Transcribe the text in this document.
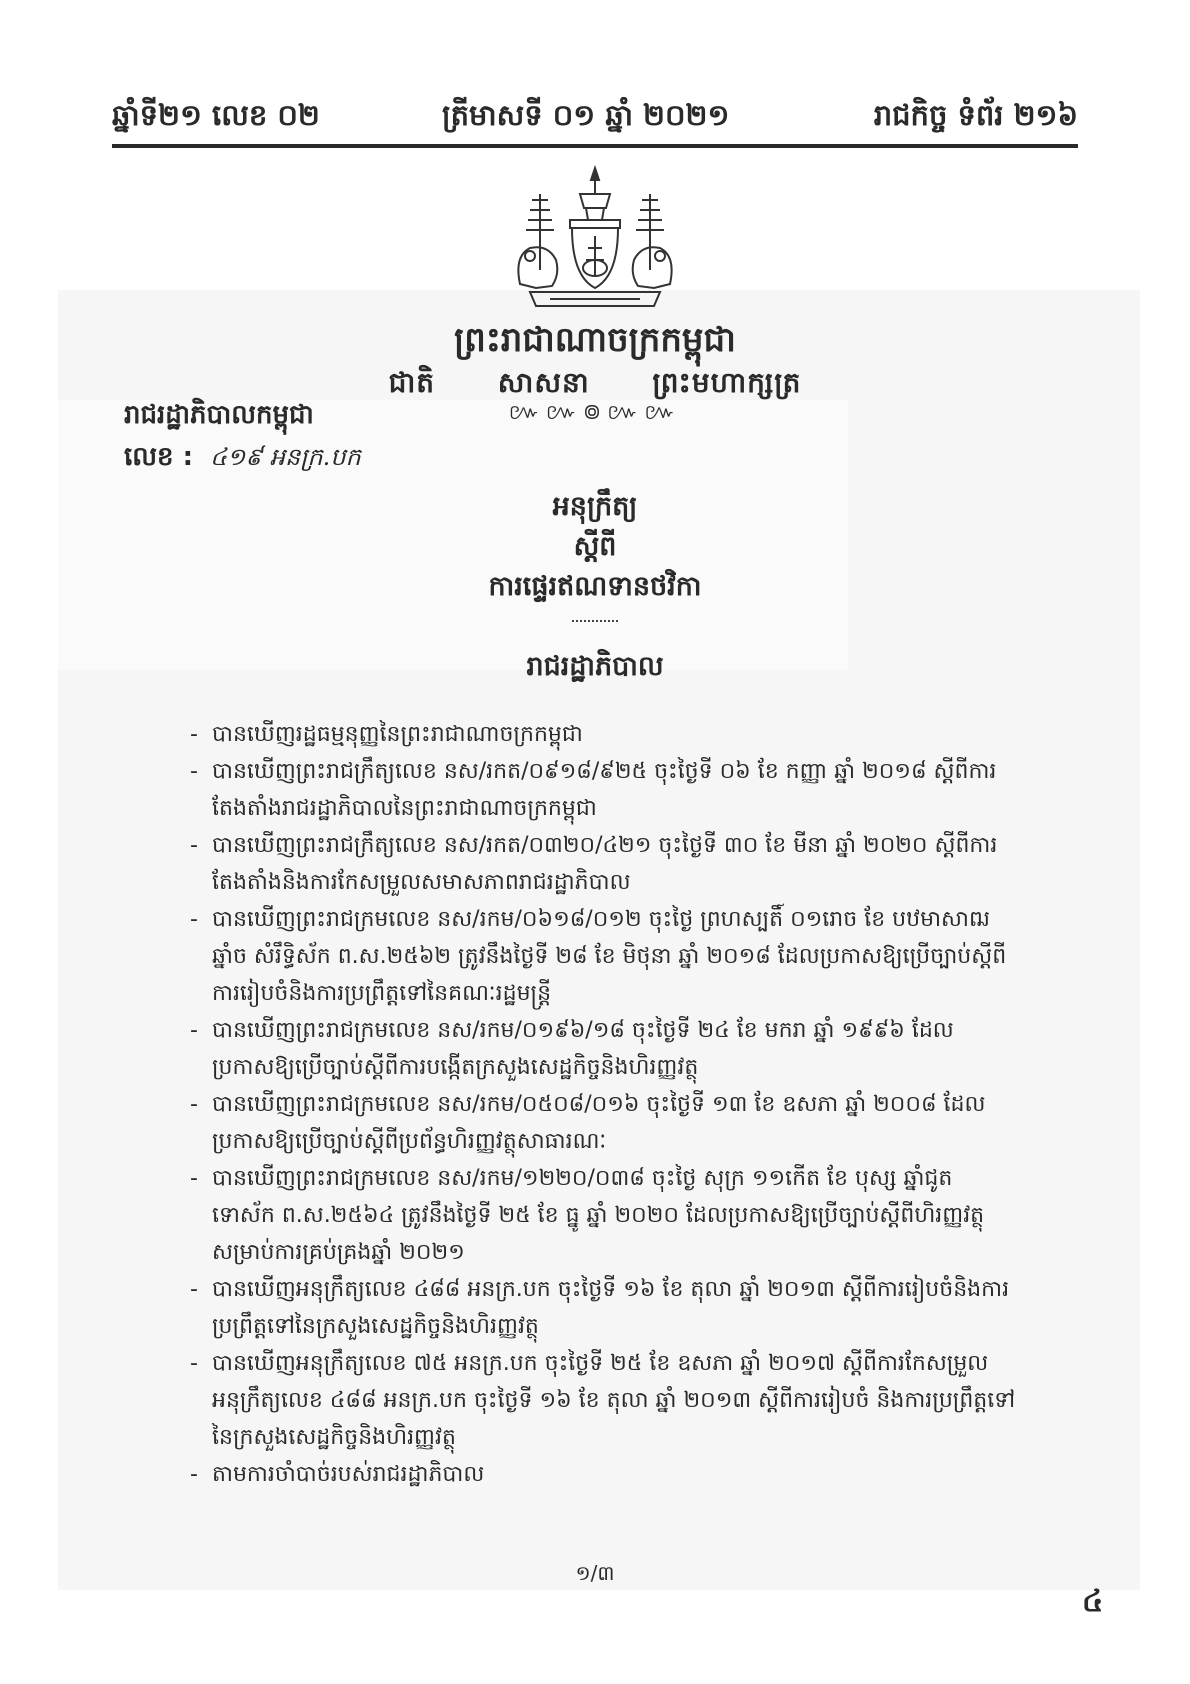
ឆ្នាំទី២១ លេខ ០២	ត្រីមាសទី ០១ ឆ្នាំ ២០២១	រាជកិច្ច ទំព័រ ២១៦
ព្រះរាជាណាចក្រកម្ពុជា
ជាតិ សាសនា ព្រះមហាក្សត្រ
៚៚៙៚៚
រាជរដ្ឋាភិបាលកម្ពុជា
លេខ : ៤១៩ អនក្រ.បក
អនុក្រឹត្យ
ស្តីពី
ការផ្ទេរឥណទានថវិកា
រាជរដ្ឋាភិបាល
- បានឃើញរដ្ឋធម្មនុញ្ញនៃព្រះរាជាណាចក្រកម្ពុជា
- បានឃើញព្រះរាជក្រឹត្យលេខ នស/រកត/០៩១៨/៩២៥ ចុះថ្ងៃទី ០៦ ខែ កញ្ញា ឆ្នាំ ២០១៨ ស្តីពីការតែងតាំងរាជរដ្ឋាភិបាលនៃព្រះរាជាណាចក្រកម្ពុជា
- បានឃើញព្រះរាជក្រឹត្យលេខ នស/រកត/០៣២០/៤២១ ចុះថ្ងៃទី ៣០ ខែ មីនា ឆ្នាំ ២០២០ ស្តីពីការតែងតាំងនិងការកែសម្រួលសមាសភាពរាជរដ្ឋាភិបាល
- បានឃើញព្រះរាជក្រមលេខ នស/រកម/០៦១៨/០១២ ចុះថ្ងៃ ព្រហស្បតិ៍ ០១រោច ខែ បឋមាសាឍ ឆ្នាំច សំរឹទ្ធិស័ក ព.ស.២៥៦២ ត្រូវនឹងថ្ងៃទី ២៨ ខែ មិថុនា ឆ្នាំ ២០១៨ ដែលប្រកាសឱ្យប្រើច្បាប់ស្តីពីការរៀបចំនិងការប្រព្រឹត្តទៅនៃគណៈរដ្ឋមន្ត្រី
- បានឃើញព្រះរាជក្រមលេខ នស/រកម/០១៩៦/១៨ ចុះថ្ងៃទី ២៤ ខែ មករា ឆ្នាំ ១៩៩៦ ដែលប្រកាសឱ្យប្រើច្បាប់ស្តីពីការបង្កើតក្រសួងសេដ្ឋកិច្ចនិងហិរញ្ញវត្ថុ
- បានឃើញព្រះរាជក្រមលេខ នស/រកម/០៥០៨/០១៦ ចុះថ្ងៃទី ១៣ ខែ ឧសភា ឆ្នាំ ២០០៨ ដែលប្រកាសឱ្យប្រើច្បាប់ស្តីពីប្រព័ន្ធហិរញ្ញវត្ថុសាធារណៈ
- បានឃើញព្រះរាជក្រមលេខ នស/រកម/១២២០/០៣៨ ចុះថ្ងៃ សុក្រ ១១កើត ខែ បុស្ស ឆ្នាំជូត ទោស័ក ព.ស.២៥៦៤ ត្រូវនឹងថ្ងៃទី ២៥ ខែ ធ្នូ ឆ្នាំ ២០២០ ដែលប្រកាសឱ្យប្រើច្បាប់ស្តីពីហិរញ្ញវត្ថុសម្រាប់ការគ្រប់គ្រងឆ្នាំ ២០២១
- បានឃើញអនុក្រឹត្យលេខ ៤៨៨ អនក្រ.បក ចុះថ្ងៃទី ១៦ ខែ តុលា ឆ្នាំ ២០១៣ ស្តីពីការរៀបចំនិងការប្រព្រឹត្តទៅនៃក្រសួងសេដ្ឋកិច្ចនិងហិរញ្ញវត្ថុ
- បានឃើញអនុក្រឹត្យលេខ ៧៥ អនក្រ.បក ចុះថ្ងៃទី ២៥ ខែ ឧសភា ឆ្នាំ ២០១៧ ស្តីពីការកែសម្រួលអនុក្រឹត្យលេខ ៤៨៨ អនក្រ.បក ចុះថ្ងៃទី ១៦ ខែ តុលា ឆ្នាំ ២០១៣ ស្តីពីការរៀបចំ និងការប្រព្រឹត្តទៅនៃក្រសួងសេដ្ឋកិច្ចនិងហិរញ្ញវត្ថុ
- តាមការចាំបាច់របស់រាជរដ្ឋាភិបាល
១/៣
៤
